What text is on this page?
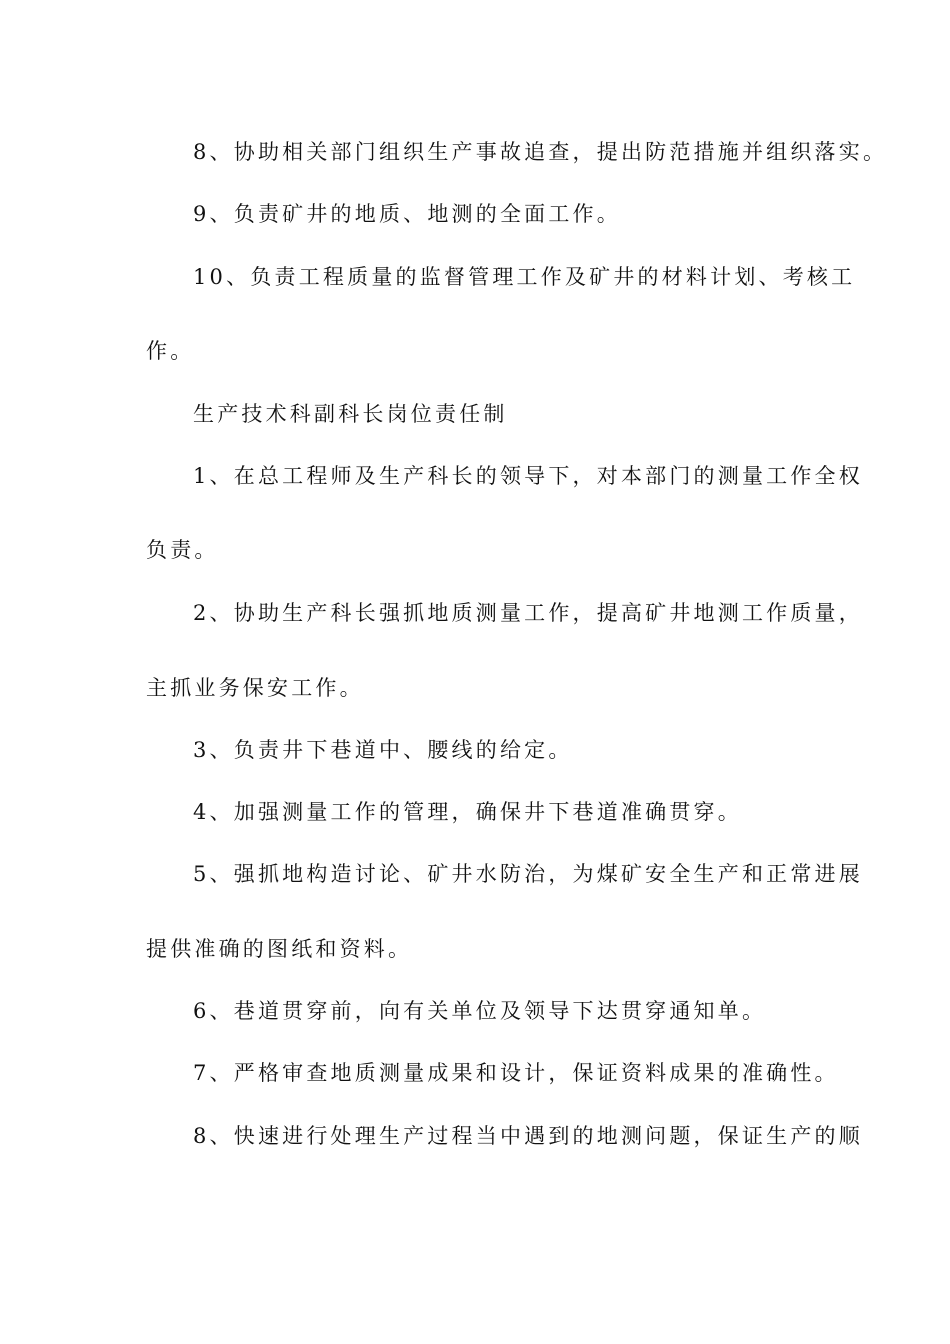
8、协助相关部门组织生产事故追查，提出防范措施并组织落实。
9、负责矿井的地质、地测的全面工作。
10、负责工程质量的监督管理工作及矿井的材料计划、考核工
作。
生产技术科副科长岗位责任制
1、在总工程师及生产科长的领导下，对本部门的测量工作全权
负责。
2、协助生产科长强抓地质测量工作，提高矿井地测工作质量，
主抓业务保安工作。
3、负责井下巷道中、腰线的给定。
4、加强测量工作的管理，确保井下巷道准确贯穿。
5、强抓地构造讨论、矿井水防治，为煤矿安全生产和正常进展
提供准确的图纸和资料。
6、巷道贯穿前，向有关单位及领导下达贯穿通知单。
7、严格审查地质测量成果和设计，保证资料成果的准确性。
8、快速进行处理生产过程当中遇到的地测问题，保证生产的顺
